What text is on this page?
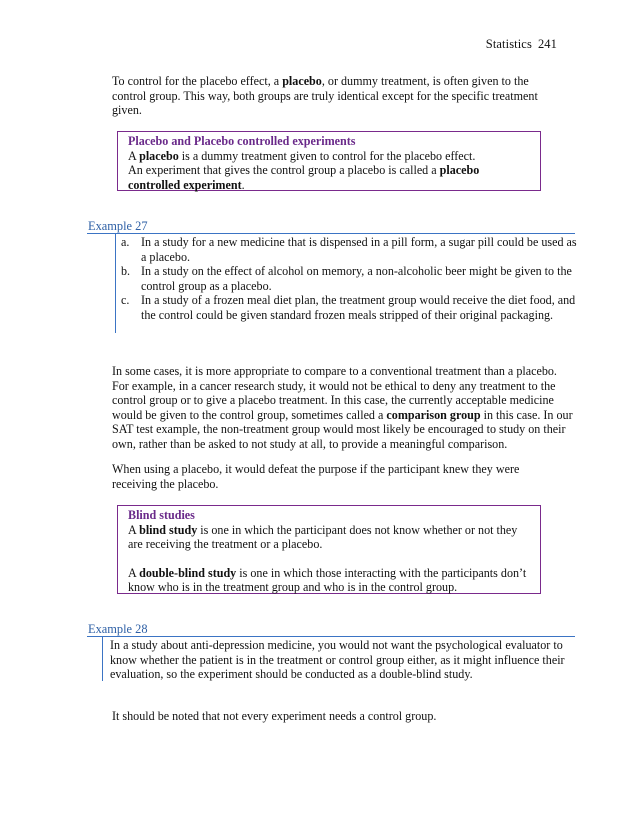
Statistics 241

To control for the placebo effect, a placebo, or dummy treatment, is often given to the control group. This way, both groups are truly identical except for the specific treatment given.

Placebo and Placebo controlled experiments
A placebo is a dummy treatment given to control for the placebo effect.
An experiment that gives the control group a placebo is called a placebo controlled experiment.
Example 27
a. In a study for a new medicine that is dispensed in a pill form, a sugar pill could be used as a placebo.
b. In a study on the effect of alcohol on memory, a non-alcoholic beer might be given to the control group as a placebo.
c. In a study of a frozen meal diet plan, the treatment group would receive the diet food, and the control could be given standard frozen meals stripped of their original packaging.

In some cases, it is more appropriate to compare to a conventional treatment than a placebo. For example, in a cancer research study, it would not be ethical to deny any treatment to the control group or to give a placebo treatment. In this case, the currently acceptable medicine would be given to the control group, sometimes called a comparison group in this case. In our SAT test example, the non-treatment group would most likely be encouraged to study on their own, rather than be asked to not study at all, to provide a meaningful comparison.

When using a placebo, it would defeat the purpose if the participant knew they were receiving the placebo.

Blind studies
A blind study is one in which the participant does not know whether or not they are receiving the treatment or a placebo.
A double-blind study is one in which those interacting with the participants don’t know who is in the treatment group and who is in the control group.
Example 28

In a study about anti-depression medicine, you would not want the psychological evaluator to know whether the patient is in the treatment or control group either, as it might influence their evaluation, so the experiment should be conducted as a double-blind study.

It should be noted that not every experiment needs a control group.
